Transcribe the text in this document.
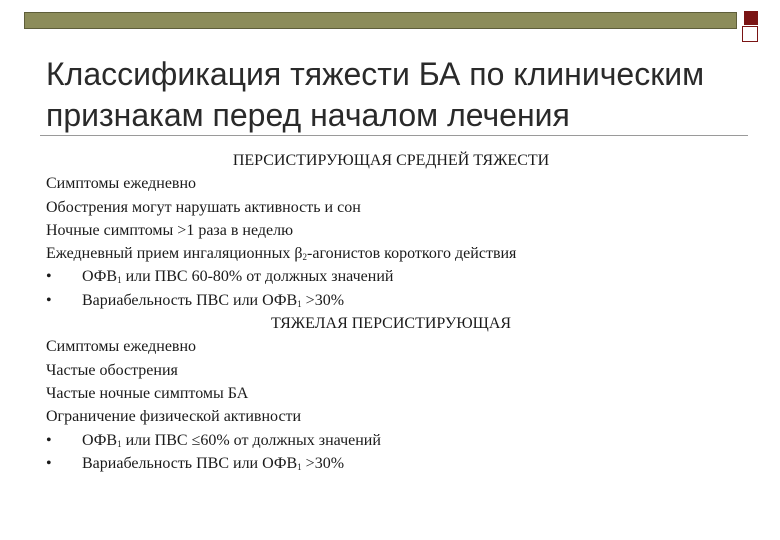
Классификация тяжести БА по клиническим признакам перед началом лечения
ПЕРСИСТИРУЮЩАЯ СРЕДНЕЙ ТЯЖЕСТИ
Симптомы ежедневно
Обострения могут нарушать активность и сон
Ночные симптомы >1 раза в неделю
Ежедневный прием ингаляционных $\beta_2$-агонистов короткого действия
•	$ОФВ_1$ или ПВС 60-80% от должных значений
•	Вариабельность ПВС или $ОФВ_1 >30\%$
ТЯЖЕЛАЯ ПЕРСИСТИРУЮЩАЯ
Симптомы ежедневно
Частые обострения
Частые ночные симптомы БА
Ограничение физической активности
•	$ОФВ_1$ или ПВС ≤60% от должных значений
•	Вариабельность ПВС или $ОФВ_1 >30\%$
